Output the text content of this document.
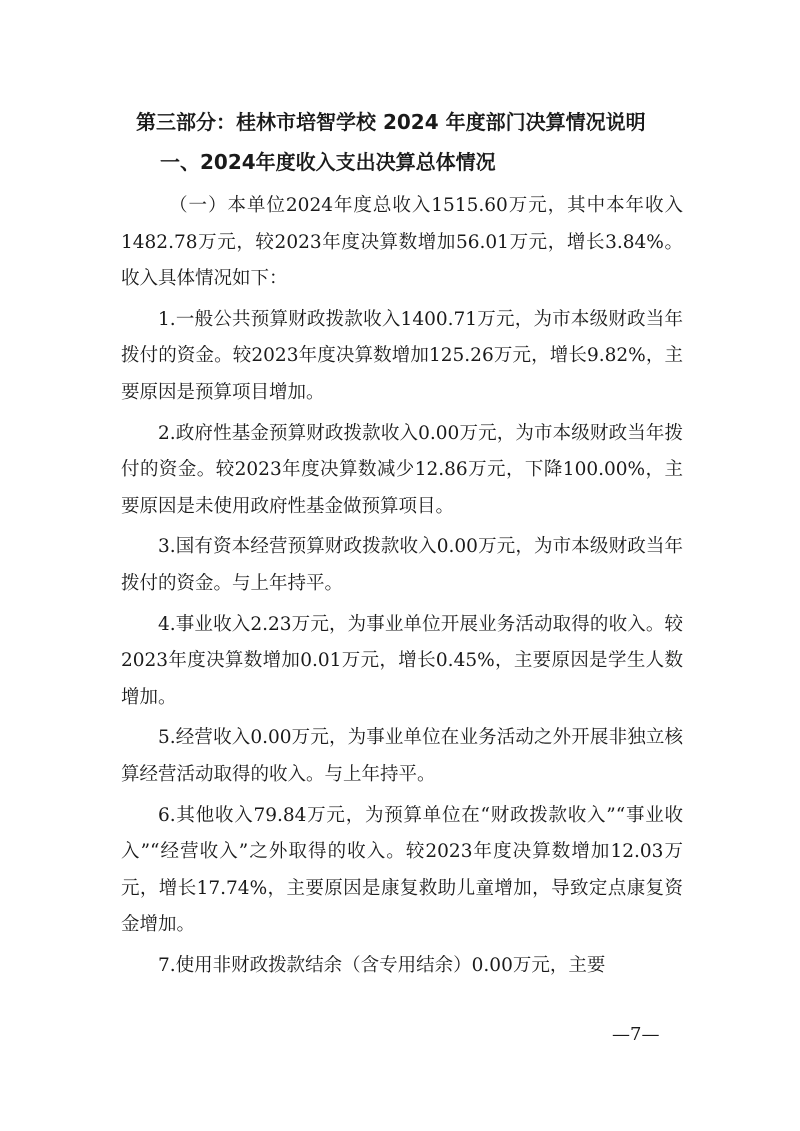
第三部分：桂林市培智学校 2024 年度部门决算情况说明
一、2024年度收入支出决算总体情况

（一）本单位2024年度总收入1515.60万元，其中本年收入1482.78万元，较2023年度决算数增加56.01万元，增长3.84%。收入具体情况如下：

1.一般公共预算财政拨款收入1400.71万元，为市本级财政当年拨付的资金。较2023年度决算数增加125.26万元，增长9.82%，主要原因是预算项目增加。

2.政府性基金预算财政拨款收入0.00万元，为市本级财政当年拨付的资金。较2023年度决算数减少12.86万元，下降100.00%，主要原因是未使用政府性基金做预算项目。

3.国有资本经营预算财政拨款收入0.00万元，为市本级财政当年拨付的资金。与上年持平。

4.事业收入2.23万元，为事业单位开展业务活动取得的收入。较2023年度决算数增加0.01万元，增长0.45%，主要原因是学生人数增加。

5.经营收入0.00万元，为事业单位在业务活动之外开展非独立核算经营活动取得的收入。与上年持平。

6.其他收入79.84万元，为预算单位在“财政拨款收入”“事业收入”“经营收入”之外取得的收入。较2023年度决算数增加12.03万元，增长17.74%，主要原因是康复救助儿童增加，导致定点康复资金增加。

7.使用非财政拨款结余（含专用结余）0.00万元，主要

—7—
